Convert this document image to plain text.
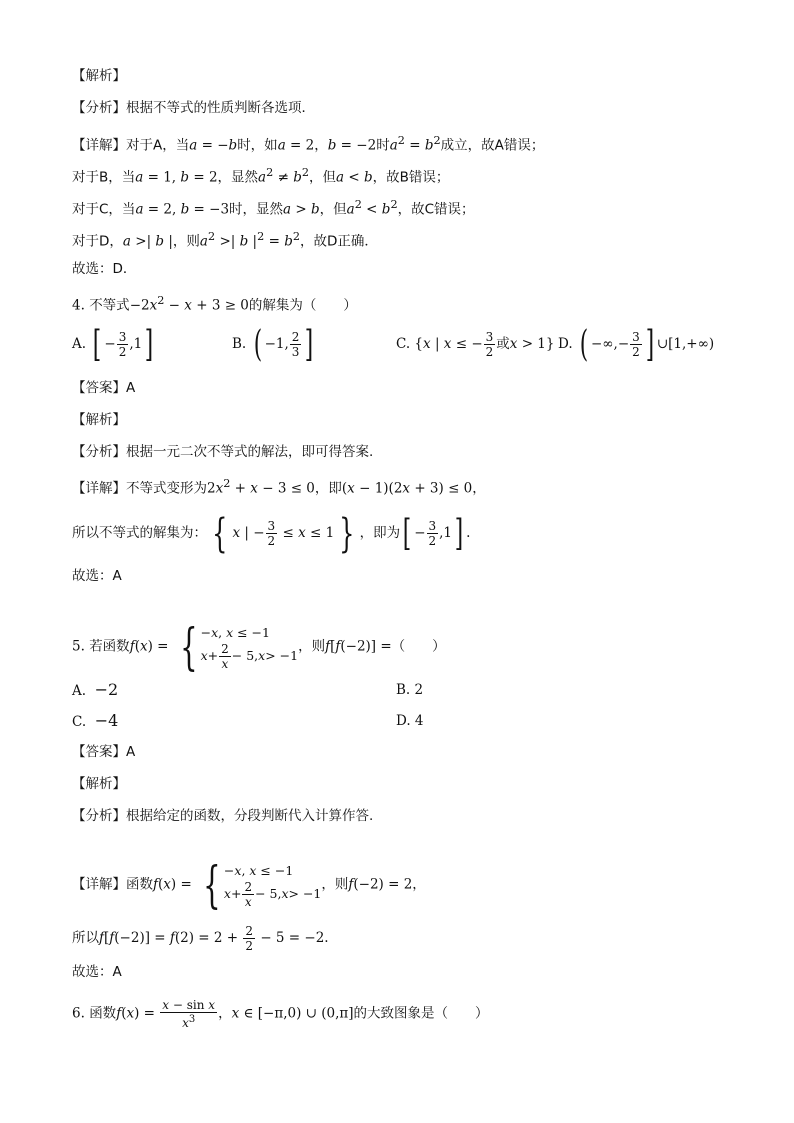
【解析】
【分析】根据不等式的性质判断各选项．
【详解】对于A，当a = −b时，如a = 2，b = −2时$a^2 = b^2$成立，故A错误；
对于B，当a = 1, b = 2，显然$a^2 \ne b^2$，但a < b，故B错误；
对于C，当a = 2, b = −3时，显然a > b，但$a^2 < b^2$，故C错误；
对于D，a >| b |，则$a^2$ >| b $|^2 = b^2$，故D正确．
故选：D．
4. 不等式$-2x^2 - x + 3 \ge 0$的解集为（　　）
A. [ − $\frac{3}{2} ,1$]	B. ( −1, $\frac{2}{3}$ ]	C. {x | x ≤ − $\frac{3}{2}$ 或x > 1} D. ( −∞,− $\frac{3}{2}$ ] ∪[1,+∞)
【答案】A
【解析】
【分析】根据一元二次不等式的解法，即可得答案.
【详解】不等式变形为$2x^2 + x - 3 \le 0$，即(x − 1)(2x + 3) ≤ 0，
所以不等式的解集为： { x | − $\frac{3}{2} \le x \le 1$ } ，即为[ − $\frac{3}{2} ,1$] .
故选：A
5. 若函数f(x) = { −x, x ≤ −1
x + 2
x
− 5, x > −1
，则f[f(−2)] =（　　）
A. −2	B. 2
C. −4	D. 4
【答案】A
【解析】
【分析】根据给定的函数，分段判断代入计算作答.
【详解】函数f(x) = { −x, x ≤ −1
x + 2
x
− 5, x > −1
，则f(−2) = 2，
所以$f[f(-2)] = f(2) = 2 + \frac{2}{2} - 5 = -2$.
故选：A
6. 函数$f(x) = \frac{\text{x − sin x}}{x^3}$ ，x ∈ [−π,0) ∪ (0,π]的大致图象是（　　）
